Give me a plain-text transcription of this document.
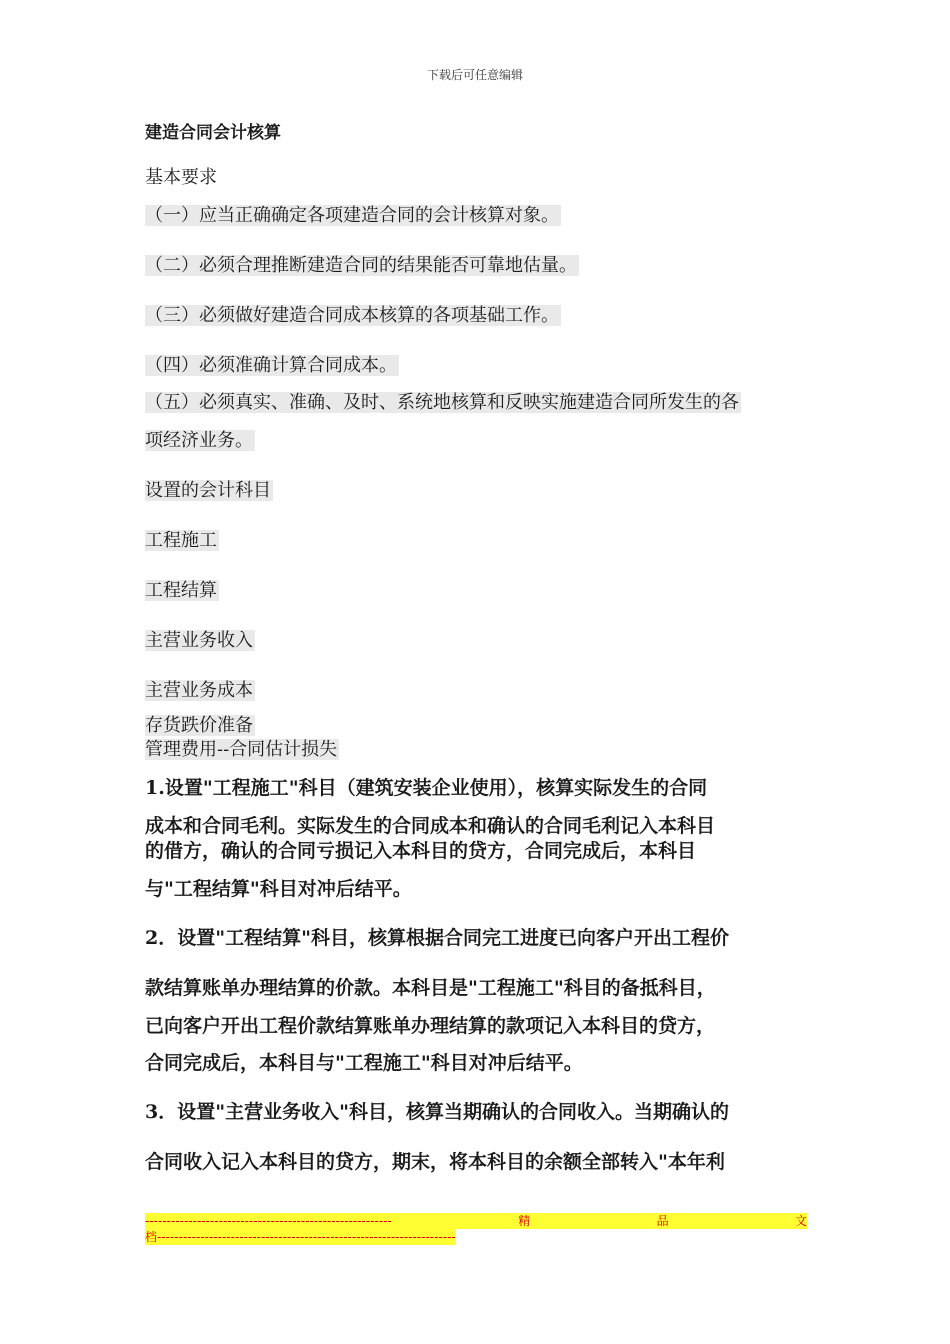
下载后可任意编辑
建造合同会计核算
基本要求
（一）应当正确确定各项建造合同的会计核算对象。
（二）必须合理推断建造合同的结果能否可靠地估量。
（三）必须做好建造合同成本核算的各项基础工作。
（四）必须准确计算合同成本。
（五）必须真实、准确、及时、系统地核算和反映实施建造合同所发生的各
项经济业务。
设置的会计科目
工程施工
工程结算
主营业务收入
主营业务成本
存货跌价准备
管理费用--合同估计损失
1.设置"工程施工"科目（建筑安装企业使用），核算实际发生的合同
成本和合同毛利。实际发生的合同成本和确认的合同毛利记入本科目
的借方，确认的合同亏损记入本科目的贷方，合同完成后，本科目
与"工程结算"科目对冲后结平。
2．设置"工程结算"科目，核算根据合同完工进度已向客户开出工程价
款结算账单办理结算的价款。本科目是"工程施工"科目的备抵科目，
已向客户开出工程价款结算账单办理结算的款项记入本科目的贷方，
合同完成后，本科目与"工程施工"科目对冲后结平。
3．设置"主营业务收入"科目，核算当期确认的合同收入。当期确认的
合同收入记入本科目的贷方，期末，将本科目的余额全部转入"本年利
---------------------------------------------------------	精	品	文
档---------------------------------------------------------------------
